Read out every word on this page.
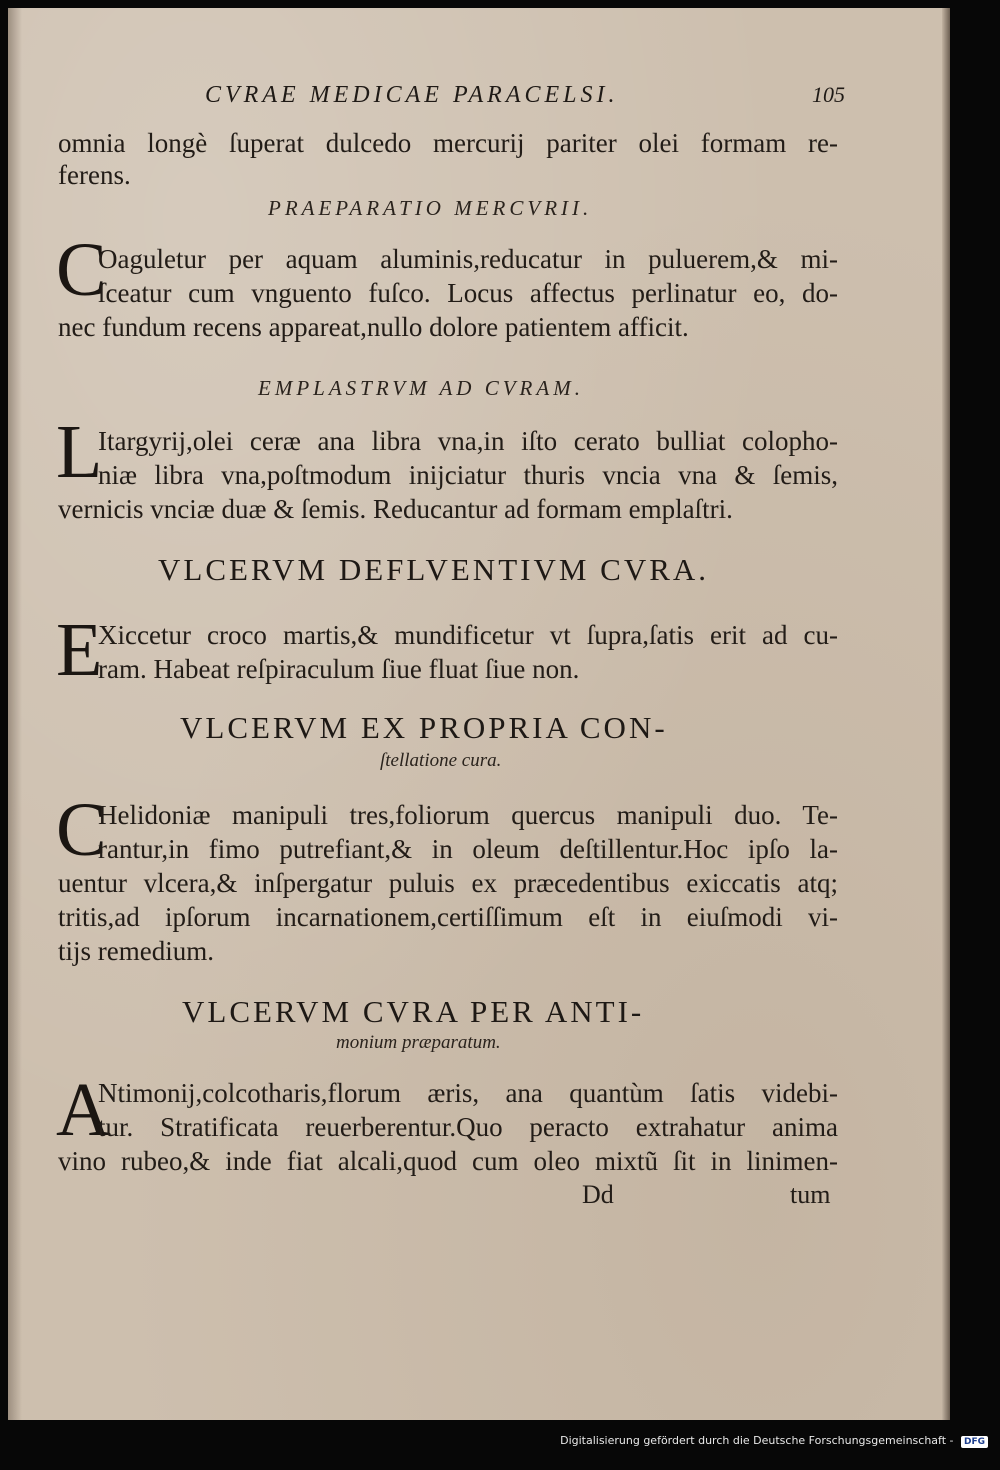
CVRAE MEDICAE PARACELSI.	105
omnia longè ſuperat dulcedo mercurij pariter olei formam re-
ferens.
PRAEPARATIO MERCVRII.
C
Oaguletur per aquam aluminis,reducatur in puluerem,& mi-
ſceatur cum vnguento fuſco. Locus affectus perlinatur eo, do-
nec fundum recens appareat,nullo dolore patientem afficit.
EMPLASTRVM AD CVRAM.
L
Itargyrij,olei ceræ ana libra vna,in iſto cerato bulliat colopho-
niæ libra vna,poſtmodum inijciatur thuris vncia vna & ſemis,
vernicis vnciæ duæ & ſemis. Reducantur ad formam emplaſtri.
VLCERVM DEFLVENTIVM CVRA.
E
Xiccetur croco martis,& mundificetur vt ſupra,ſatis erit ad cu-
ram. Habeat reſpiraculum ſiue fluat ſiue non.
VLCERVM EX PROPRIA CON-
ſtellatione cura.
C
Helidoniæ manipuli tres,foliorum quercus manipuli duo. Te-
rantur,in fimo putrefiant,& in oleum deſtillentur.Hoc ipſo la-
uentur vlcera,& inſpergatur puluis ex præcedentibus exiccatis atq;
tritis,ad ipſorum incarnationem,certiſſimum eſt in eiuſmodi vi-
tijs remedium.
VLCERVM CVRA PER ANTI-
monium præparatum.
A
Ntimonij,colcotharis,florum æris, ana quantùm ſatis videbi-
tur. Stratificata reuerberentur.Quo peracto extrahatur anima
vino rubeo,& inde fiat alcali,quod cum oleo mixtũ ſit in linimen-
Dd	tum
Digitalisierung gefördert durch die Deutsche Forschungsgemeinschaft - DFG
